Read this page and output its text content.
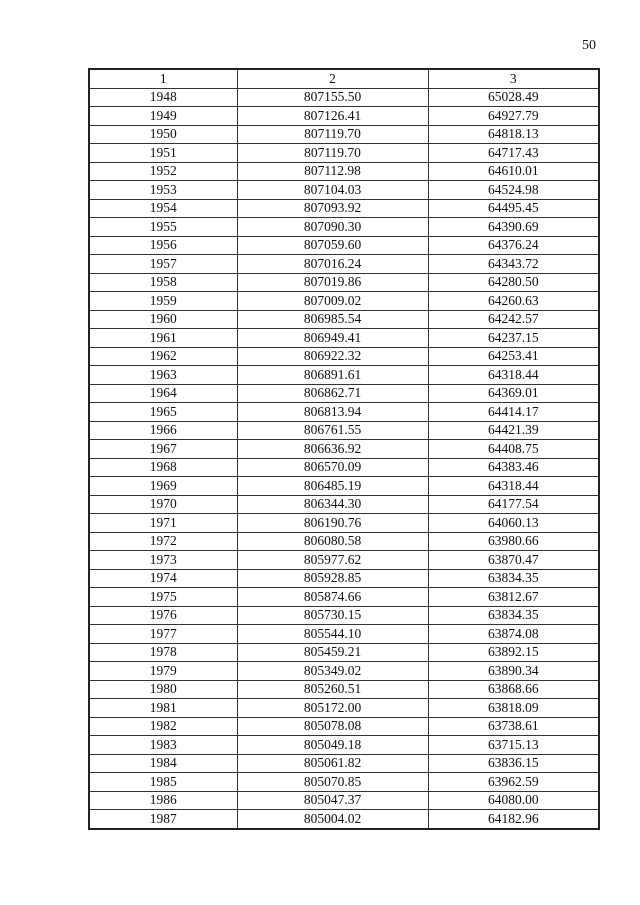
50
1	2	3
1948	807155.50	65028.49
1949	807126.41	64927.79
1950	807119.70	64818.13
1951	807119.70	64717.43
1952	807112.98	64610.01
1953	807104.03	64524.98
1954	807093.92	64495.45
1955	807090.30	64390.69
1956	807059.60	64376.24
1957	807016.24	64343.72
1958	807019.86	64280.50
1959	807009.02	64260.63
1960	806985.54	64242.57
1961	806949.41	64237.15
1962	806922.32	64253.41
1963	806891.61	64318.44
1964	806862.71	64369.01
1965	806813.94	64414.17
1966	806761.55	64421.39
1967	806636.92	64408.75
1968	806570.09	64383.46
1969	806485.19	64318.44
1970	806344.30	64177.54
1971	806190.76	64060.13
1972	806080.58	63980.66
1973	805977.62	63870.47
1974	805928.85	63834.35
1975	805874.66	63812.67
1976	805730.15	63834.35
1977	805544.10	63874.08
1978	805459.21	63892.15
1979	805349.02	63890.34
1980	805260.51	63868.66
1981	805172.00	63818.09
1982	805078.08	63738.61
1983	805049.18	63715.13
1984	805061.82	63836.15
1985	805070.85	63962.59
1986	805047.37	64080.00
1987	805004.02	64182.96
